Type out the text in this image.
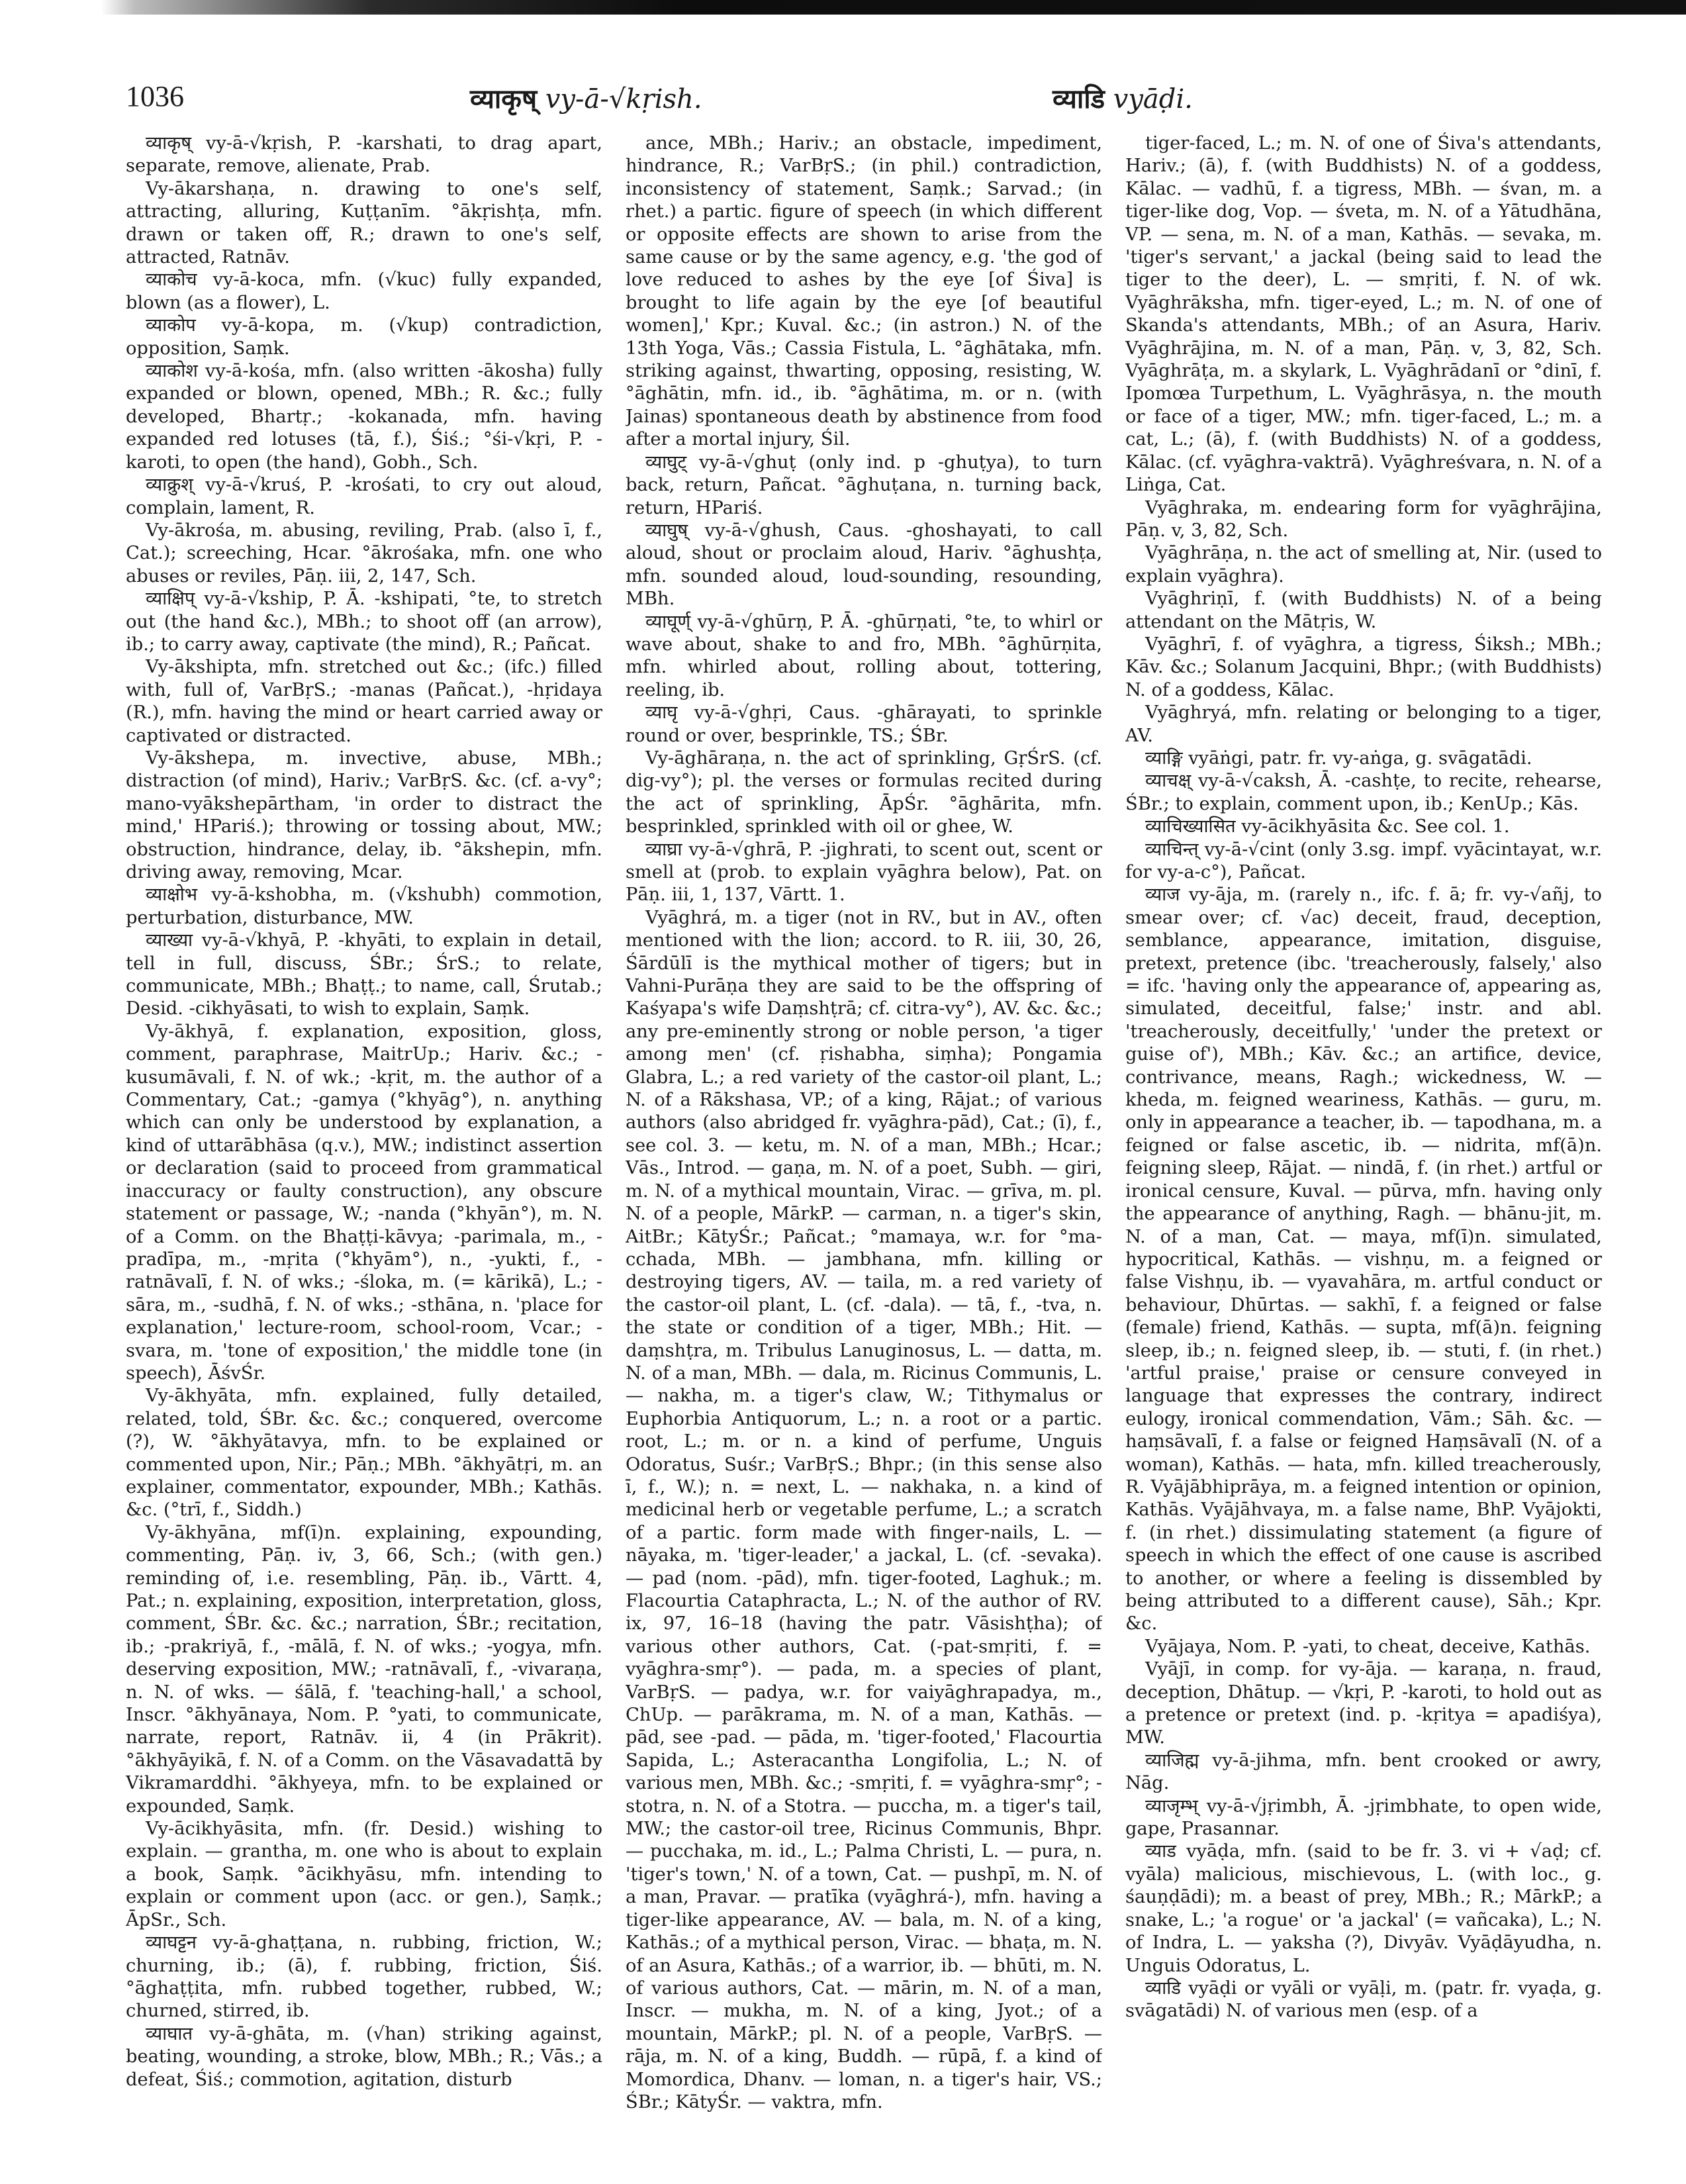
1036	व्याकृष् vy-ā-√kṛish.	व्याडि vyāḍi.

व्याकृष् vy-ā-√kṛish, P. -karshati, to drag apart, separate, remove, alienate, Prab.

Vy-ākarshaṇa, n. drawing to one's self, attracting, alluring, Kuṭṭanīm. °ākṛishṭa, mfn. drawn or taken off, R.; drawn to one's self, attracted, Ratnāv.

व्याकोच vy-ā-koca, mfn. (√kuc) fully expanded, blown (as a flower), L.

व्याकोप vy-ā-kopa, m. (√kup) contradiction, opposition, Saṃk.

व्याकोश vy-ā-kośa, mfn. (also written -ākosha) fully expanded or blown, opened, MBh.; R. &c.; fully developed, Bhartṛ.; -kokanada, mfn. having expanded red lotuses (tā, f.), Śiś.; °śi-√kṛi, P. -karoti, to open (the hand), Gobh., Sch.

व्याक्रुश् vy-ā-√kruś, P. -krośati, to cry out aloud, complain, lament, R.

Vy-ākrośa, m. abusing, reviling, Prab. (also ī, f., Cat.); screeching, Hcar. °ākrośaka, mfn. one who abuses or reviles, Pāṇ. iii, 2, 147, Sch.

व्याक्षिप् vy-ā-√kship, P. Ā. -kshipati, °te, to stretch out (the hand &c.), MBh.; to shoot off (an arrow), ib.; to carry away, captivate (the mind), R.; Pañcat.

Vy-ākshipta, mfn. stretched out &c.; (ifc.) filled with, full of, VarBṛS.; -manas (Pañcat.), -hṛidaya (R.), mfn. having the mind or heart carried away or captivated or distracted.

Vy-ākshepa, m. invective, abuse, MBh.; distraction (of mind), Hariv.; VarBṛS. &c. (cf. a-vy°; mano-vyākshepārtham, 'in order to distract the mind,' HPariś.); throwing or tossing about, MW.; obstruction, hindrance, delay, ib. °ākshepin, mfn. driving away, removing, Mcar.

व्याक्षोभ vy-ā-kshobha, m. (√kshubh) commotion, perturbation, disturbance, MW.

व्याख्या vy-ā-√khyā, P. -khyāti, to explain in detail, tell in full, discuss, ŚBr.; ŚrS.; to relate, communicate, MBh.; Bhaṭṭ.; to name, call, Śrutab.; Desid. -cikhyāsati, to wish to explain, Saṃk.

Vy-ākhyā, f. explanation, exposition, gloss, comment, paraphrase, MaitrUp.; Hariv. &c.; -kusumāvali, f. N. of wk.; -kṛit, m. the author of a Commentary, Cat.; -gamya (°khyāg°), n. anything which can only be understood by explanation, a kind of uttarābhāsa (q.v.), MW.; indistinct assertion or declaration (said to proceed from grammatical inaccuracy or faulty construction), any obscure statement or passage, W.; -nanda (°khyān°), m. N. of a Comm. on the Bhaṭṭi-kāvya; -parimala, m., -pradīpa, m., -mṛita (°khyām°), n., -yukti, f., -ratnāvalī, f. N. of wks.; -śloka, m. (= kārikā), L.; -sāra, m., -sudhā, f. N. of wks.; -sthāna, n. 'place for explanation,' lecture-room, school-room, Vcar.; -svara, m. 'tone of exposition,' the middle tone (in speech), ĀśvŚr.

Vy-ākhyāta, mfn. explained, fully detailed, related, told, ŚBr. &c. &c.; conquered, overcome (?), W. °ākhyātavya, mfn. to be explained or commented upon, Nir.; Pāṇ.; MBh. °ākhyātṛi, m. an explainer, commentator, expounder, MBh.; Kathās. &c. (°trī, f., Siddh.)

Vy-ākhyāna, mf(ī)n. explaining, expounding, commenting, Pāṇ. iv, 3, 66, Sch.; (with gen.) reminding of, i.e. resembling, Pāṇ. ib., Vārtt. 4, Pat.; n. explaining, exposition, interpretation, gloss, comment, ŚBr. &c. &c.; narration, ŚBr.; recitation, ib.; -prakriyā, f., -mālā, f. N. of wks.; -yogya, mfn. deserving exposition, MW.; -ratnāvalī, f., -vivaraṇa, n. N. of wks. — śālā, f. 'teaching-hall,' a school, Inscr. °ākhyānaya, Nom. P. °yati, to communicate, narrate, report, Ratnāv. ii, 4 (in Prākrit). °ākhyāyikā, f. N. of a Comm. on the Vāsavadattā by Vikramarddhi. °ākhyeya, mfn. to be explained or expounded, Saṃk.

Vy-ācikhyāsita, mfn. (fr. Desid.) wishing to explain. — grantha, m. one who is about to explain a book, Saṃk. °ācikhyāsu, mfn. intending to explain or comment upon (acc. or gen.), Saṃk.; ĀpSr., Sch.

व्याघट्टन vy-ā-ghaṭṭana, n. rubbing, friction, W.; churning, ib.; (ā), f. rubbing, friction, Śiś. °āghaṭṭita, mfn. rubbed together, rubbed, W.; churned, stirred, ib.

व्याघात vy-ā-ghāta, m. (√han) striking against, beating, wounding, a stroke, blow, MBh.; R.; Vās.; a defeat, Śiś.; commotion, agitation, disturb

ance, MBh.; Hariv.; an obstacle, impediment, hindrance, R.; VarBṛS.; (in phil.) contradiction, inconsistency of statement, Saṃk.; Sarvad.; (in rhet.) a partic. figure of speech (in which different or opposite effects are shown to arise from the same cause or by the same agency, e.g. 'the god of love reduced to ashes by the eye [of Śiva] is brought to life again by the eye [of beautiful women],' Kpr.; Kuval. &c.; (in astron.) N. of the 13th Yoga, Vās.; Cassia Fistula, L. °āghātaka, mfn. striking against, thwarting, opposing, resisting, W. °āghātin, mfn. id., ib. °āghātima, m. or n. (with Jainas) spontaneous death by abstinence from food after a mortal injury, Śil.

व्याघुट् vy-ā-√ghuṭ (only ind. p -ghuṭya), to turn back, return, Pañcat. °āghuṭana, n. turning back, return, HPariś.

व्याघुष् vy-ā-√ghush, Caus. -ghoshayati, to call aloud, shout or proclaim aloud, Hariv. °āghushṭa, mfn. sounded aloud, loud-sounding, resounding, MBh.

व्याघूर्ण् vy-ā-√ghūrṇ, P. Ā. -ghūrṇati, °te, to whirl or wave about, shake to and fro, MBh. °āghūrṇita, mfn. whirled about, rolling about, tottering, reeling, ib.

व्याघृ vy-ā-√ghṛi, Caus. -ghārayati, to sprinkle round or over, besprinkle, TS.; ŚBr.

Vy-āghāraṇa, n. the act of sprinkling, GṛŚrS. (cf. dig-vy°); pl. the verses or formulas recited during the act of sprinkling, ĀpŚr. °āghārita, mfn. besprinkled, sprinkled with oil or ghee, W.

व्याघ्रा vy-ā-√ghrā, P. -jighrati, to scent out, scent or smell at (prob. to explain vyāghra below), Pat. on Pāṇ. iii, 1, 137, Vārtt. 1.

Vyāghrá, m. a tiger (not in RV., but in AV., often mentioned with the lion; accord. to R. iii, 30, 26, Śārdūlī is the mythical mother of tigers; but in Vahni-Purāṇa they are said to be the offspring of Kaśyapa's wife Daṃshṭrā; cf. citra-vy°), AV. &c. &c.; any pre-eminently strong or noble person, 'a tiger among men' (cf. ṛishabha, siṃha); Pongamia Glabra, L.; a red variety of the castor-oil plant, L.; N. of a Rākshasa, VP.; of a king, Rājat.; of various authors (also abridged fr. vyāghra-pād), Cat.; (ī), f., see col. 3. — ketu, m. N. of a man, MBh.; Hcar.; Vās., Introd. — gaṇa, m. N. of a poet, Subh. — giri, m. N. of a mythical mountain, Virac. — grīva, m. pl. N. of a people, MārkP. — carman, n. a tiger's skin, AitBr.; KātyŚr.; Pañcat.; °mamaya, w.r. for °ma-cchada, MBh. — jambhana, mfn. killing or destroying tigers, AV. — taila, m. a red variety of the castor-oil plant, L. (cf. -dala). — tā, f., -tva, n. the state or condition of a tiger, MBh.; Hit. — daṃshṭra, m. Tribulus Lanuginosus, L. — datta, m. N. of a man, MBh. — dala, m. Ricinus Communis, L. — nakha, m. a tiger's claw, W.; Tithymalus or Euphorbia Antiquorum, L.; n. a root or a partic. root, L.; m. or n. a kind of perfume, Unguis Odoratus, Suśr.; VarBṛS.; Bhpr.; (in this sense also ī, f., W.); n. = next, L. — nakhaka, n. a kind of medicinal herb or vegetable perfume, L.; a scratch of a partic. form made with finger-nails, L. — nāyaka, m. 'tiger-leader,' a jackal, L. (cf. -sevaka). — pad (nom. -pād), mfn. tiger-footed, Laghuk.; m. Flacourtia Cataphracta, L.; N. of the author of RV. ix, 97, 16–18 (having the patr. Vāsishṭha); of various other authors, Cat. (-pat-smṛiti, f. = vyāghra-smṛ°). — pada, m. a species of plant, VarBṛS. — padya, w.r. for vaiyāghrapadya, m., ChUp. — parākrama, m. N. of a man, Kathās. — pād, see -pad. — pāda, m. 'tiger-footed,' Flacourtia Sapida, L.; Asteracantha Longifolia, L.; N. of various men, MBh. &c.; -smṛiti, f. = vyāghra-smṛ°; -stotra, n. N. of a Stotra. — puccha, m. a tiger's tail, MW.; the castor-oil tree, Ricinus Communis, Bhpr. — pucchaka, m. id., L.; Palma Christi, L. — pura, n. 'tiger's town,' N. of a town, Cat. — pushpī, m. N. of a man, Pravar. — pratīka (vyāghrá-), mfn. having a tiger-like appearance, AV. — bala, m. N. of a king, Kathās.; of a mythical person, Virac. — bhaṭa, m. N. of an Asura, Kathās.; of a warrior, ib. — bhūti, m. N. of various authors, Cat. — mārin, m. N. of a man, Inscr. — mukha, m. N. of a king, Jyot.; of a mountain, MārkP.; pl. N. of a people, VarBṛS. — rāja, m. N. of a king, Buddh. — rūpā, f. a kind of Momordica, Dhanv. — loman, n. a tiger's hair, VS.; ŚBr.; KātyŚr. — vaktra, mfn.

tiger-faced, L.; m. N. of one of Śiva's attendants, Hariv.; (ā), f. (with Buddhists) N. of a goddess, Kālac. — vadhū, f. a tigress, MBh. — śvan, m. a tiger-like dog, Vop. — śveta, m. N. of a Yātudhāna, VP. — sena, m. N. of a man, Kathās. — sevaka, m. 'tiger's servant,' a jackal (being said to lead the tiger to the deer), L. — smṛiti, f. N. of wk. Vyāghrāksha, mfn. tiger-eyed, L.; m. N. of one of Skanda's attendants, MBh.; of an Asura, Hariv. Vyāghrājina, m. N. of a man, Pāṇ. v, 3, 82, Sch. Vyāghrāṭa, m. a skylark, L. Vyāghrādanī or °dinī, f. Ipomœa Turpethum, L. Vyāghrāsya, n. the mouth or face of a tiger, MW.; mfn. tiger-faced, L.; m. a cat, L.; (ā), f. (with Buddhists) N. of a goddess, Kālac. (cf. vyāghra-vaktrā). Vyāghreśvara, n. N. of a Liṅga, Cat.

Vyāghraka, m. endearing form for vyāghrājina, Pāṇ. v, 3, 82, Sch.

Vyāghrāṇa, n. the act of smelling at, Nir. (used to explain vyāghra).

Vyāghriṇī, f. (with Buddhists) N. of a being attendant on the Mātṛis, W.

Vyāghrī, f. of vyāghra, a tigress, Śiksh.; MBh.; Kāv. &c.; Solanum Jacquini, Bhpr.; (with Buddhists) N. of a goddess, Kālac.

Vyāghryá, mfn. relating or belonging to a tiger, AV.

व्याङ्गि vyāṅgi, patr. fr. vy-aṅga, g. svāgatādi.

व्याचक्ष् vy-ā-√caksh, Ā. -cashṭe, to recite, rehearse, ŚBr.; to explain, comment upon, ib.; KenUp.; Kās.

व्याचिख्यासित vy-ācikhyāsita &c. See col. 1.

व्याचिन्त् vy-ā-√cint (only 3.sg. impf. vyācintayat, w.r. for vy-a-c°), Pañcat.

व्याज vy-āja, m. (rarely n., ifc. f. ā; fr. vy-√añj, to smear over; cf. √ac) deceit, fraud, deception, semblance, appearance, imitation, disguise, pretext, pretence (ibc. 'treacherously, falsely,' also = ifc. 'having only the appearance of, appearing as, simulated, deceitful, false;' instr. and abl. 'treacherously, deceitfully,' 'under the pretext or guise of'), MBh.; Kāv. &c.; an artifice, device, contrivance, means, Ragh.; wickedness, W. — kheda, m. feigned weariness, Kathās. — guru, m. only in appearance a teacher, ib. — tapodhana, m. a feigned or false ascetic, ib. — nidrita, mf(ā)n. feigning sleep, Rājat. — nindā, f. (in rhet.) artful or ironical censure, Kuval. — pūrva, mfn. having only the appearance of anything, Ragh. — bhānu-jit, m. N. of a man, Cat. — maya, mf(ī)n. simulated, hypocritical, Kathās. — vishṇu, m. a feigned or false Vishṇu, ib. — vyavahāra, m. artful conduct or behaviour, Dhūrtas. — sakhī, f. a feigned or false (female) friend, Kathās. — supta, mf(ā)n. feigning sleep, ib.; n. feigned sleep, ib. — stuti, f. (in rhet.) 'artful praise,' praise or censure conveyed in language that expresses the contrary, indirect eulogy, ironical commendation, Vām.; Sāh. &c. — haṃsāvalī, f. a false or feigned Haṃsāvalī (N. of a woman), Kathās. — hata, mfn. killed treacherously, R. Vyājābhiprāya, m. a feigned intention or opinion, Kathās. Vyājāhvaya, m. a false name, BhP. Vyājokti, f. (in rhet.) dissimulating statement (a figure of speech in which the effect of one cause is ascribed to another, or where a feeling is dissembled by being attributed to a different cause), Sāh.; Kpr. &c.

Vyājaya, Nom. P. -yati, to cheat, deceive, Kathās.

Vyājī, in comp. for vy-āja. — karaṇa, n. fraud, deception, Dhātup. — √kṛi, P. -karoti, to hold out as a pretence or pretext (ind. p. -kṛitya = apadiśya), MW.

व्याजिह्म vy-ā-jihma, mfn. bent crooked or awry, Nāg.

व्याजृम्भ् vy-ā-√jṛimbh, Ā. -jṛimbhate, to open wide, gape, Prasannar.

व्याड vyāḍa, mfn. (said to be fr. 3. vi + √aḍ; cf. vyāla) malicious, mischievous, L. (with loc., g. śauṇḍādi); m. a beast of prey, MBh.; R.; MārkP.; a snake, L.; 'a rogue' or 'a jackal' (= vañcaka), L.; N. of Indra, L. — yaksha (?), Divyāv. Vyāḍāyudha, n. Unguis Odoratus, L.

व्याडि vyāḍi or vyāli or vyāḷi, m. (patr. fr. vyaḍa, g. svāgatādi) N. of various men (esp. of a
